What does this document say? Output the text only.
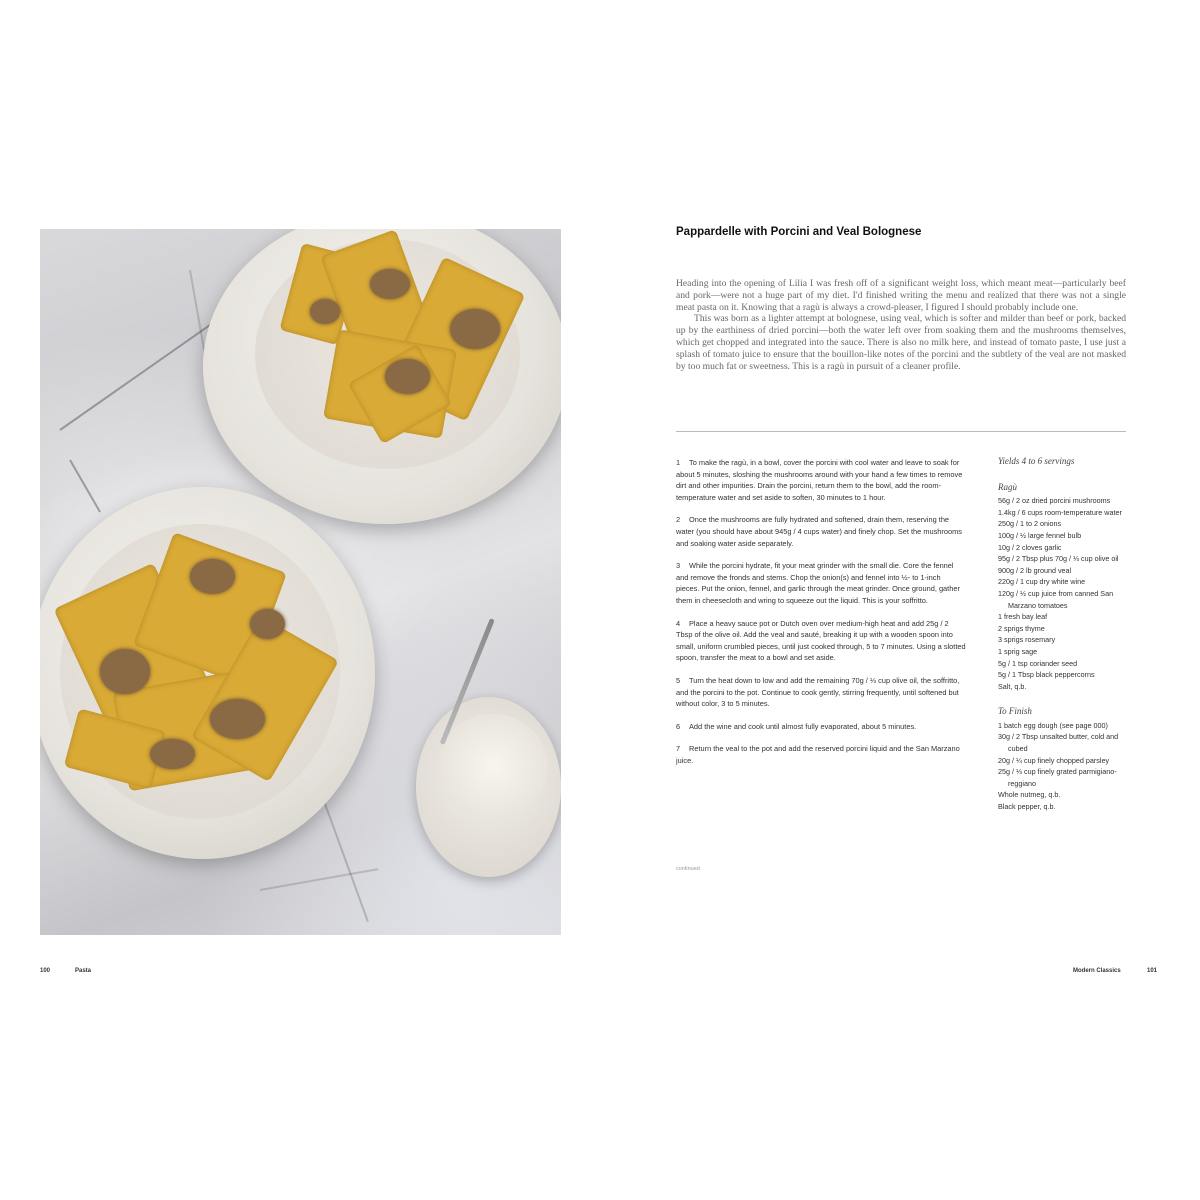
Pappardelle with Porcini and Veal Bolognese

Heading into the opening of Lilia I was fresh off of a significant weight loss, which meant meat—particularly beef and pork—were not a huge part of my diet. I'd finished writing the menu and realized that there was not a single meat pasta on it. Knowing that a ragù is always a crowd-pleaser, I figured I should probably include one.

This was born as a lighter attempt at bolognese, using veal, which is softer and milder than beef or pork, backed up by the earthiness of dried porcini—both the water left over from soaking them and the mushrooms themselves, which get chopped and integrated into the sauce. There is also no milk here, and instead of tomato paste, I use just a splash of tomato juice to ensure that the bouillon-like notes of the porcini and the subtlety of the veal are not masked by too much fat or sweetness. This is a ragù in pursuit of a cleaner profile.

1 To make the ragù, in a bowl, cover the porcini with cool water and leave to soak for about 5 minutes, sloshing the mushrooms around with your hand a few times to remove dirt and other impurities. Drain the porcini, return them to the bowl, add the room-temperature water and set aside to soften, 30 minutes to 1 hour.

2 Once the mushrooms are fully hydrated and softened, drain them, reserving the water (you should have about 945g / 4 cups water) and finely chop. Set the mushrooms and soaking water aside separately.

3 While the porcini hydrate, fit your meat grinder with the small die. Core the fennel and remove the fronds and stems. Chop the onion(s) and fennel into ½- to 1-inch pieces. Put the onion, fennel, and garlic through the meat grinder. Once ground, gather them in cheesecloth and wring to squeeze out the liquid. This is your soffritto.

4 Place a heavy sauce pot or Dutch oven over medium-high heat and add 25g / 2 Tbsp of the olive oil. Add the veal and sauté, breaking it up with a wooden spoon into small, uniform crumbled pieces, until just cooked through, 5 to 7 minutes. Using a slotted spoon, transfer the meat to a bowl and set aside.

5 Turn the heat down to low and add the remaining 70g / ⅓ cup olive oil, the soffritto, and the porcini to the pot. Continue to cook gently, stirring frequently, until softened but without color, 3 to 5 minutes.

6 Add the wine and cook until almost fully evaporated, about 5 minutes.

7 Return the veal to the pot and add the reserved porcini liquid and the San Marzano juice.

continued
Yields 4 to 6 servings
Ragù
56g / 2 oz dried porcini mushrooms
1.4kg / 6 cups room-temperature water
250g / 1 to 2 onions
100g / ½ large fennel bulb
10g / 2 cloves garlic
95g / 2 Tbsp plus 70g / ⅓ cup olive oil
900g / 2 lb ground veal
220g / 1 cup dry white wine
120g / ½ cup juice from canned San Marzano tomatoes
1 fresh bay leaf
2 sprigs thyme
3 sprigs rosemary
1 sprig sage
5g / 1 tsp coriander seed
5g / 1 Tbsp black peppercorns
Salt, q.b.
To Finish
1 batch egg dough (see page 000)
30g / 2 Tbsp unsalted butter, cold and cubed
20g / ¼ cup finely chopped parsley
25g / ⅓ cup finely grated parmigiano-reggiano
Whole nutmeg, q.b.
Black pepper, q.b.
100	Pasta	Modern Classics	101
